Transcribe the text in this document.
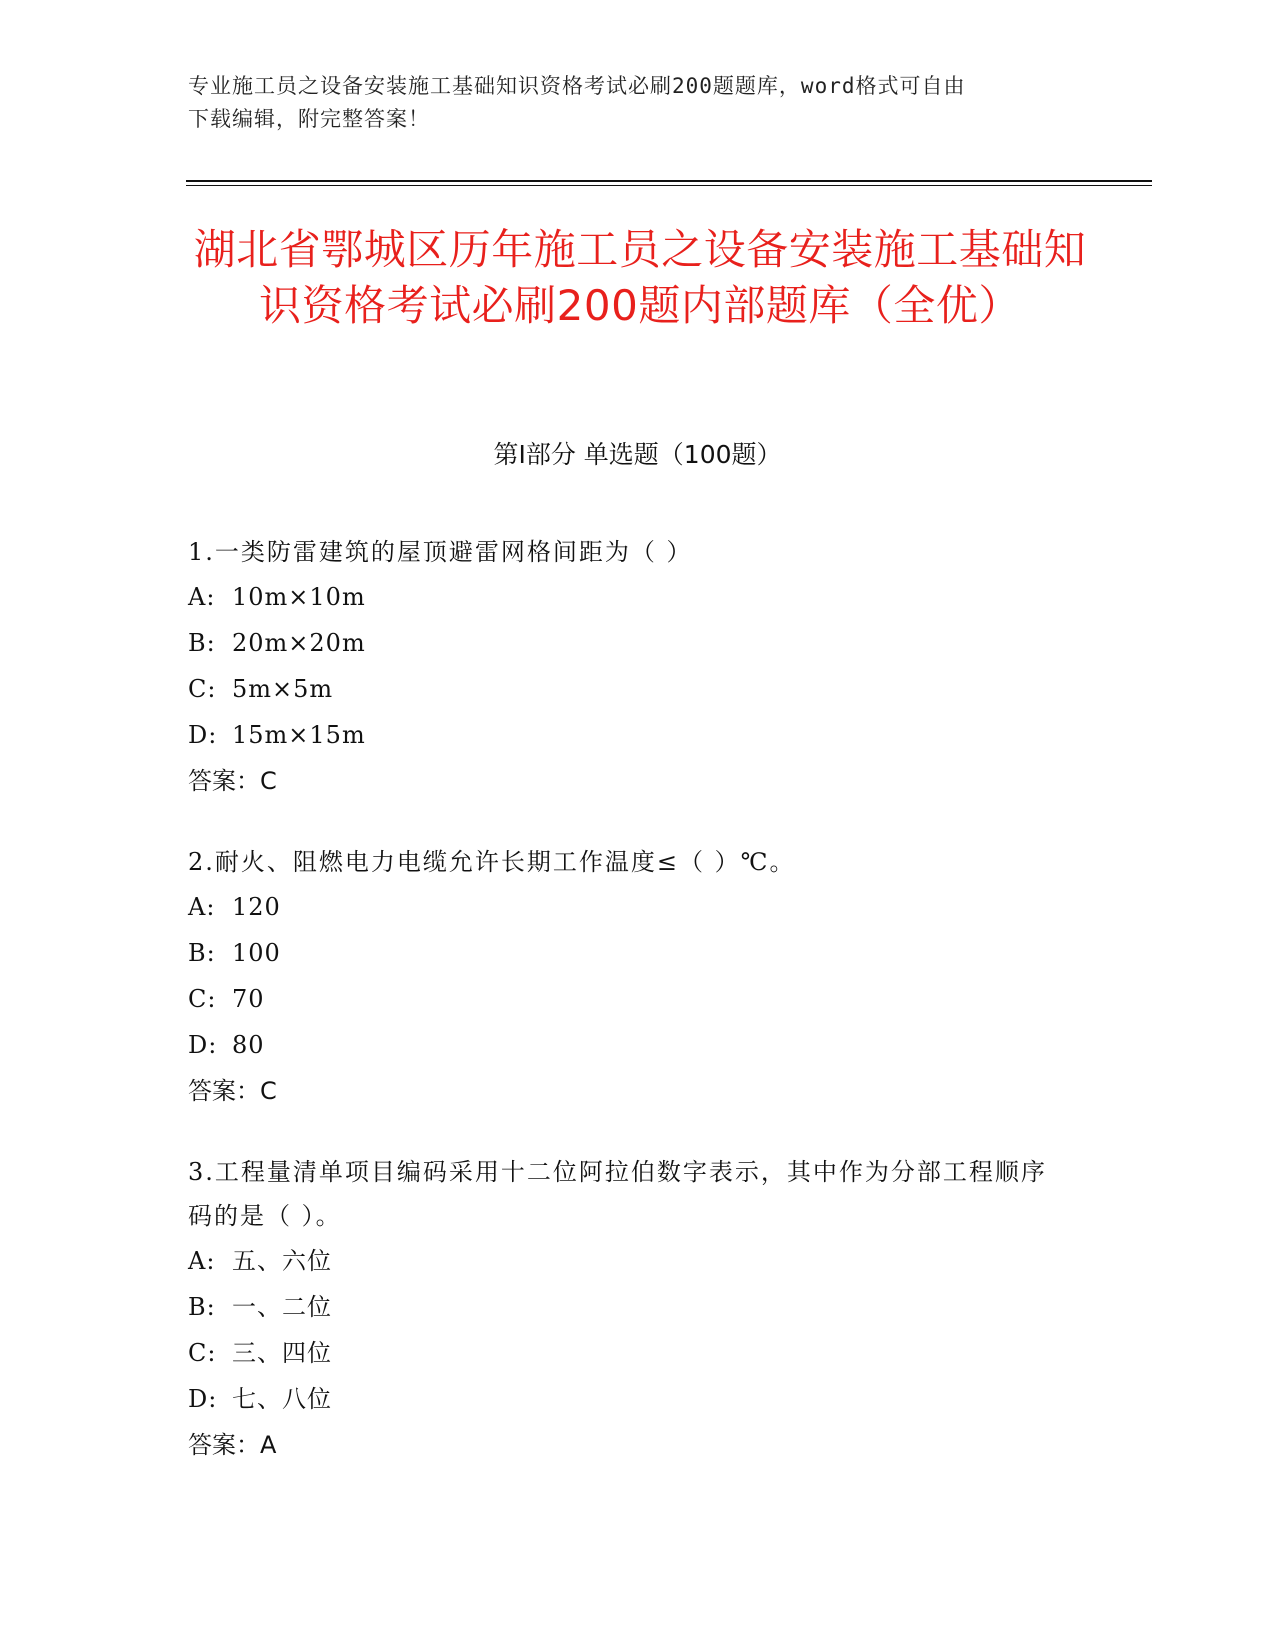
专业施工员之设备安装施工基础知识资格考试必刷200题题库，word格式可自由
下载编辑，附完整答案！
湖北省鄂城区历年施工员之设备安装施工基础知识资格考试必刷200题内部题库（全优）
第Ⅰ部分 单选题（100题）
1.一类防雷建筑的屋顶避雷网格间距为（ ）
A: 10m×10m
B: 20m×20m
C: 5m×5m
D: 15m×15m
答案：C
2.耐火、阻燃电力电缆允许长期工作温度≤（ ）℃。
A: 120
B: 100
C: 70
D: 80
答案：C
3.工程量清单项目编码采用十二位阿拉伯数字表示，其中作为分部工程顺序码的是（ ）。
A: 五、六位
B: 一、二位
C: 三、四位
D: 七、八位
答案：A
